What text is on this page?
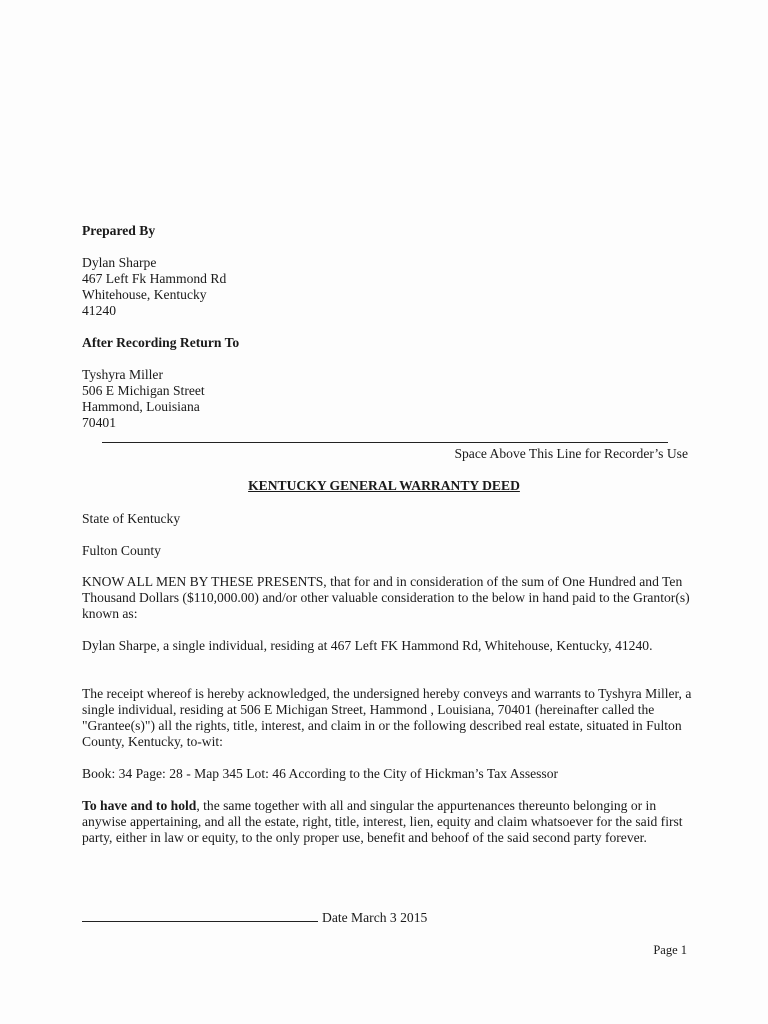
Prepared By
Dylan Sharpe
467 Left Fk Hammond Rd
Whitehouse, Kentucky
41240
After Recording Return To
Tyshyra Miller
506 E Michigan Street
Hammond, Louisiana
70401
Space Above This Line for Recorder’s Use
KENTUCKY GENERAL WARRANTY DEED
State of Kentucky
Fulton County
KNOW ALL MEN BY THESE PRESENTS, that for and in consideration of the sum of One Hundred and Ten Thousand Dollars ($110,000.00) and/or other valuable consideration to the below in hand paid to the Grantor(s) known as:
Dylan Sharpe, a single individual, residing at 467 Left FK Hammond Rd, Whitehouse, Kentucky, 41240.
The receipt whereof is hereby acknowledged, the undersigned hereby conveys and warrants to Tyshyra Miller, a single individual, residing at 506 E Michigan Street, Hammond , Louisiana, 70401 (hereinafter called the "Grantee(s)") all the rights, title, interest, and claim in or the following described real estate, situated in Fulton County, Kentucky, to-wit:
Book: 34 Page: 28 - Map 345 Lot: 46 According to the City of Hickman’s Tax Assessor
To have and to hold, the same together with all and singular the appurtenances thereunto belonging or in anywise appertaining, and all the estate, right, title, interest, lien, equity and claim whatsoever for the said first party, either in law or equity, to the only proper use, benefit and behoof of the said second party forever.
Date March 3 2015
Page 1
